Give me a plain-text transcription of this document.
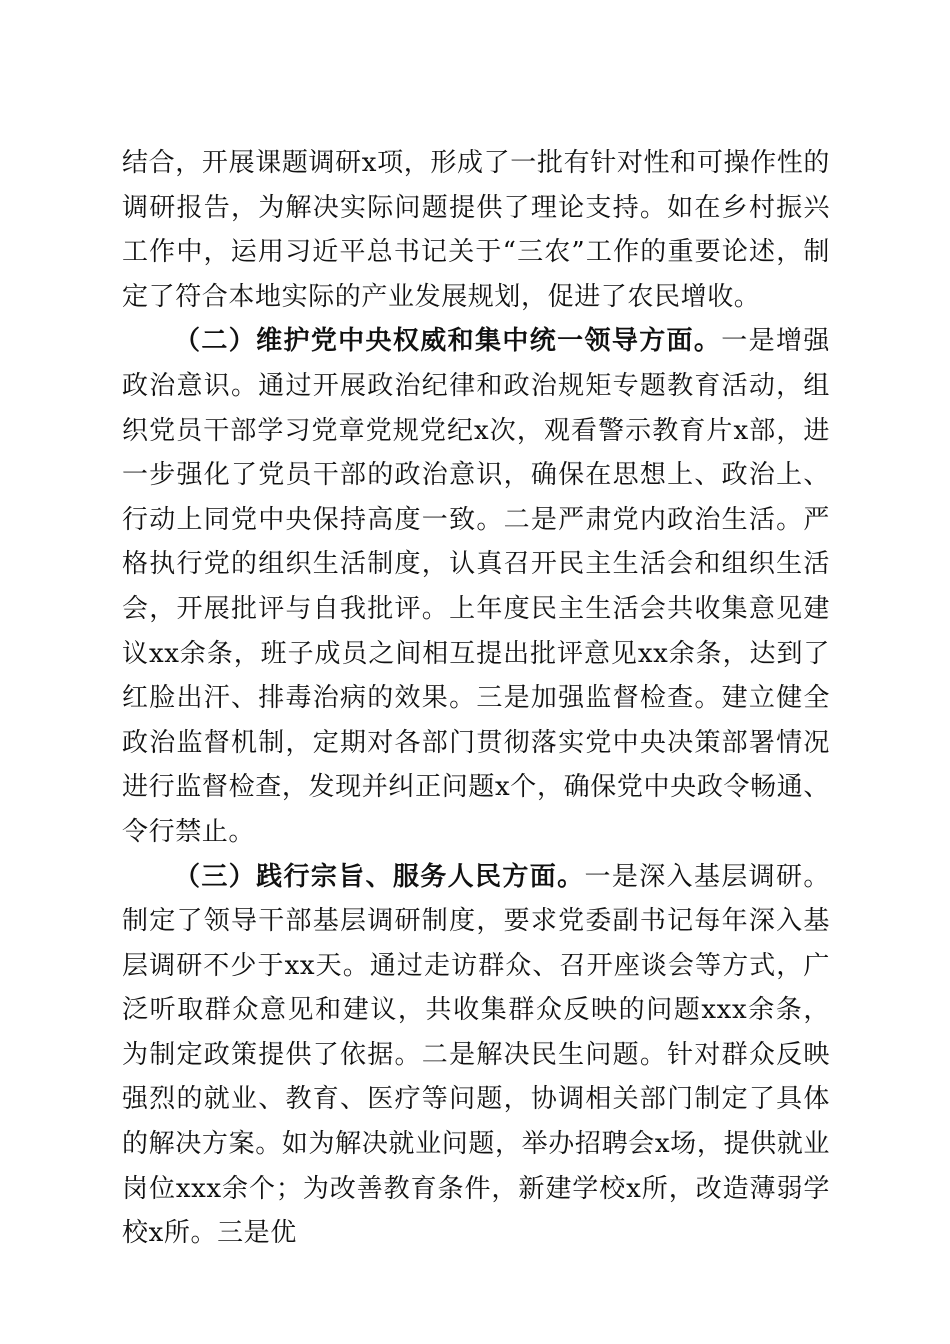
结合，开展课题调研x项，形成了一批有针对性和可操作性的调研报告，为解决实际问题提供了理论支持。如在乡村振兴工作中，运用习近平总书记关于“三农”工作的重要论述，制定了符合本地实际的产业发展规划，促进了农民增收。

（二）维护党中央权威和集中统一领导方面。一是增强政治意识。通过开展政治纪律和政治规矩专题教育活动，组织党员干部学习党章党规党纪x次，观看警示教育片x部，进一步强化了党员干部的政治意识，确保在思想上、政治上、行动上同党中央保持高度一致。二是严肃党内政治生活。严格执行党的组织生活制度，认真召开民主生活会和组织生活会，开展批评与自我批评。上年度民主生活会共收集意见建议xx余条，班子成员之间相互提出批评意见xx余条，达到了红脸出汗、排毒治病的效果。三是加强监督检查。建立健全政治监督机制，定期对各部门贯彻落实党中央决策部署情况进行监督检查，发现并纠正问题x个，确保党中央政令畅通、令行禁止。

（三）践行宗旨、服务人民方面。一是深入基层调研。制定了领导干部基层调研制度，要求党委副书记每年深入基层调研不少于xx天。通过走访群众、召开座谈会等方式，广泛听取群众意见和建议，共收集群众反映的问题xxx余条，为制定政策提供了依据。二是解决民生问题。针对群众反映强烈的就业、教育、医疗等问题，协调相关部门制定了具体的解决方案。如为解决就业问题，举办招聘会x场，提供就业岗位xxx余个；为改善教育条件，新建学校x所，改造薄弱学校x所。三是优
